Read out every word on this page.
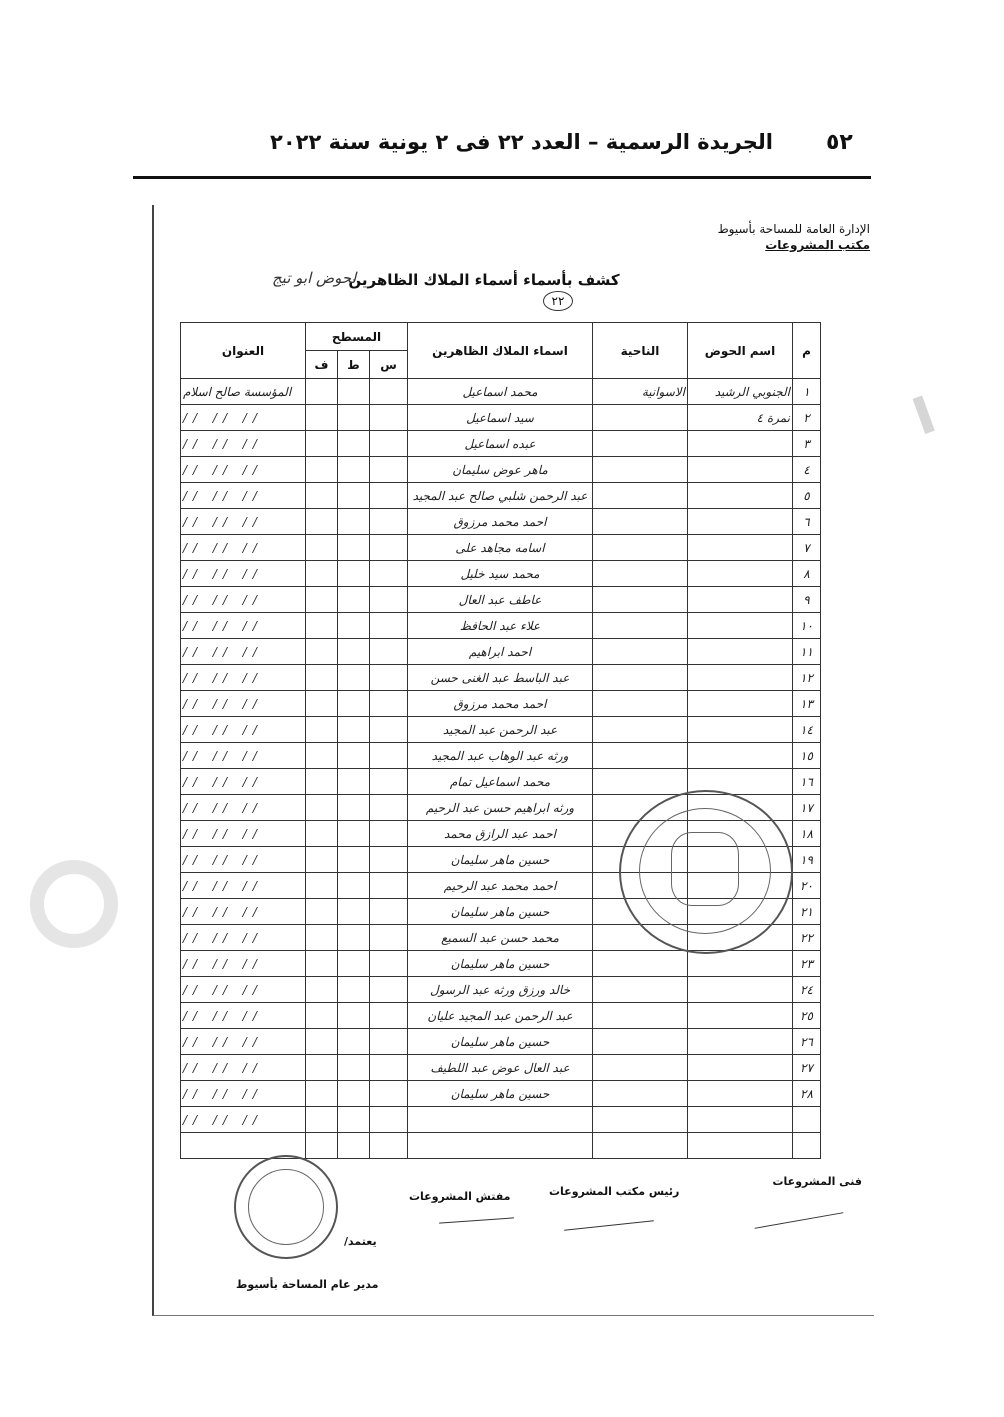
٥٢
الجريدة الرسمية – العدد ٢٢ فى ٢ يونية سنة ٢٠٢٢
━
الإدارة العامة للمساحة بأسيوط
مكتب المشروعات
كشف بأسماء أسماء الملاك الظاهرين
لحوض ابو تيج
٢٢
م	اسم الحوض	الناحية	اسماء الملاك الظاهرين	المسطح			العنوان
				س	ط	ف	
١	الجنوبي الرشيد	الاسوانية	محمد اسماعيل				المؤسسة صالح اسلام
٢	نمرة ٤		سيد اسماعيل				// // //
٣			عبده اسماعيل				// // //
٤			ماهر عوض سليمان				// // //
٥			عبد الرحمن شلبي صالح عبد المجيد				// // //
٦			احمد محمد مرزوق				// // //
٧			اسامه مجاهد على				// // //
٨			محمد سيد خليل				// // //
٩			عاطف عبد العال				// // //
١٠			علاء عبد الحافظ				// // //
١١			احمد ابراهيم				// // //
١٢			عبد الباسط عبد الغنى حسن				// // //
١٣			احمد محمد مرزوق				// // //
١٤			عبد الرحمن عبد المجيد				// // //
١٥			ورثه عبد الوهاب عبد المجيد				// // //
١٦			محمد اسماعيل تمام				// // //
١٧			ورثه ابراهيم حسن عبد الرحيم				// // //
١٨			احمد عبد الرازق محمد				// // //
١٩			حسين ماهر سليمان				// // //
٢٠			احمد محمد عبد الرحيم				// // //
٢١			حسين ماهر سليمان				// // //
٢٢			محمد حسن عبد السميع				// // //
٢٣			حسين ماهر سليمان				// // //
٢٤			خالد ورزق ورثه عبد الرسول				// // //
٢٥			عبد الرحمن عبد المجيد عليان				// // //
٢٦			حسين ماهر سليمان				// // //
٢٧			عبد العال عوض عبد اللطيف				// // //
٢٨			حسين ماهر سليمان				// // //
							// // //

فنى المشروعات
رئيس مكتب المشروعات
مفتش المشروعات
يعتمد/
مدير عام المساحة بأسيوط
